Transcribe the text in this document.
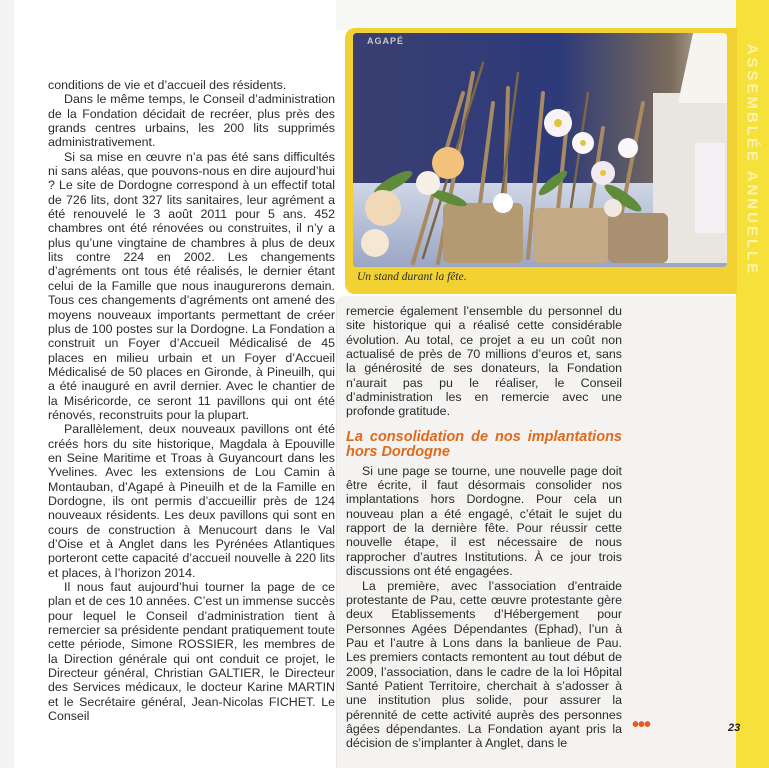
ASSEMBLÉE ANNUELLE
AGAPÉ
Un stand durant la fête.

conditions de vie et d’accueil des résidents.

Dans le même temps, le Conseil d’administration de la Fondation décidait de recréer, plus près des grands centres urbains, les 200 lits supprimés administrativement.

Si sa mise en œuvre n’a pas été sans difficultés ni sans aléas, que pouvons-nous en dire aujourd’hui ? Le site de Dordogne correspond à un effectif total de 726 lits, dont 327 lits sanitaires, leur agrément a été renouvelé le 3 août 2011 pour 5 ans. 452 chambres ont été rénovées ou construites, il n’y a plus qu’une vingtaine de chambres à plus de deux lits contre 224 en 2002. Les changements d’agréments ont tous été réalisés, le dernier étant celui de la Famille que nous inaugurerons demain. Tous ces changements d’agréments ont amené des moyens nouveaux importants permettant de créer plus de 100 postes sur la Dordogne. La Fondation a construit un Foyer d’Accueil Médicalisé de 45 places en milieu urbain et un Foyer d’Accueil Médicalisé de 50 places en Gironde, à Pineuilh, qui a été inauguré en avril dernier. Avec le chantier de la Miséricorde, ce seront 11 pavillons qui ont été rénovés, reconstruits pour la plupart.

Parallèlement, deux nouveaux pavillons ont été créés hors du site historique, Magdala à Epouville en Seine Maritime et Troas à Guyancourt dans les Yvelines. Avec les extensions de Lou Camin à Montauban, d’Agapé à Pineuilh et de la Famille en Dordogne, ils ont permis d’accueillir près de 124 nouveaux résidents. Les deux pavillons qui sont en cours de construction à Menucourt dans le Val d’Oise et à Anglet dans les Pyrénées Atlantiques porteront cette capacité d’accueil nouvelle à 220 lits et places, à l’horizon 2014.

Il nous faut aujourd’hui tourner la page de ce plan et de ces 10 années. C’est un immense succès pour lequel le Conseil d’administration tient à remercier sa présidente pendant pratiquement toute cette période, Simone ROSSIER, les membres de la Direction générale qui ont conduit ce projet, le Directeur général, Christian GALTIER, le Directeur des Services médicaux, le docteur Karine MARTIN et le Secrétaire général, Jean-Nicolas FICHET. Le Conseil

remercie également l’ensemble du personnel du site historique qui a réalisé cette considérable évolution. Au total, ce projet a eu un coût non actualisé de près de 70 millions d’euros et, sans la générosité de ses donateurs, la Fondation n’aurait pas pu le réaliser, le Conseil d’administration les en remercie avec une profonde gratitude.

La consolidation de nos implantations hors Dordogne

Si une page se tourne, une nouvelle page doit être écrite, il faut désormais consolider nos implantations hors Dordogne. Pour cela un nouveau plan a été engagé, c’était le sujet du rapport de la dernière fête. Pour réussir cette nouvelle étape, il est nécessaire de nous rapprocher d’autres Institutions. À ce jour trois discussions ont été engagées.

La première, avec l’association d’entraide protestante de Pau, cette œuvre protestante gère deux Etablissements d’Hébergement pour Personnes Agées Dépendantes (Ephad), l’un à Pau et l’autre à Lons dans la banlieue de Pau. Les premiers contacts remontent au tout début de 2009, l’association, dans le cadre de la loi Hôpital Santé Patient Territoire, cherchait à s’adosser à une institution plus solide, pour assurer la pérennité de cette activité auprès des personnes âgées dépendantes. La Fondation ayant pris la décision de s’implanter à Anglet, dans le

•••	23
